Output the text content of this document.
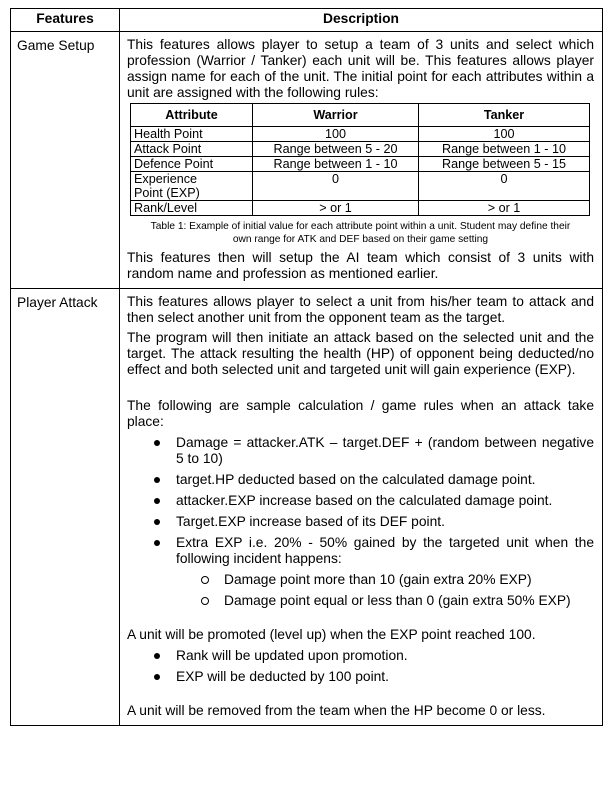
Features	Description
Game Setup	This features allows player to setup a team of 3 units and select which profession (Warrior / Tanker) each unit will be. This features allows player assign name for each of the unit. The initial point for each attributes within a unit are assigned with the following rules:

Attribute	Warrior	Tanker
Health Point	100	100
Attack Point	Range between 5 - 20	Range between 1 - 10
Defence Point	Range between 1 - 10	Range between 5 - 15
Experience Point (EXP)	0	0
Rank/Level	> or 1	> or 1

Table 1: Example of initial value for each attribute point within a unit. Student may define their own range for ATK and DEF based on their game setting

This features then will setup the AI team which consist of 3 units with random name and profession as mentioned earlier.

Player Attack	This features allows player to select a unit from his/her team to attack and then select another unit from the opponent team as the target.

The program will then initiate an attack based on the selected unit and the target. The attack resulting the health (HP) of opponent being deducted/no effect and both selected unit and targeted unit will gain experience (EXP).

The following are sample calculation / game rules when an attack take place:

Damage = attacker.ATK – target.DEF + (random between negative 5 to 10)
target.HP deducted based on the calculated damage point.
attacker.EXP increase based on the calculated damage point.
Target.EXP increase based of its DEF point.
Extra EXP i.e. 20% - 50% gained by the targeted unit when the following incident happens:
Damage point more than 10 (gain extra 20% EXP)
Damage point equal or less than 0 (gain extra 50% EXP)

A unit will be promoted (level up) when the EXP point reached 100.

Rank will be updated upon promotion.
EXP will be deducted by 100 point.

A unit will be removed from the team when the HP become 0 or less.
